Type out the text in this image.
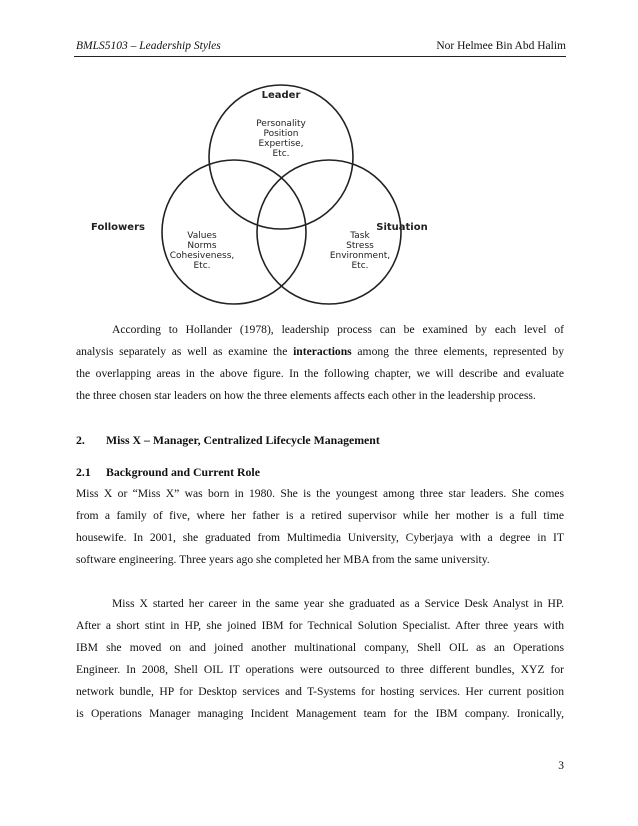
BMLS5103 – Leadership Styles	Nor Helmee Bin Abd Halim
Leader
Followers	Situation
Personality
Position
Expertise,
Etc.
Values
Norms
Cohesiveness,
Etc.
Task
Stress
Environment,
Etc.
According to Hollander (1978), leadership process can be examined by each level of
analysis separately as well as examine the interactions among the three elements, represented by
the overlapping areas in the above figure. In the following chapter, we will describe and evaluate
the three chosen star leaders on how the three elements affects each other in the leadership process.
2. Miss X – Manager, Centralized Lifecycle Management
2.1 Background and Current Role
Miss X or “Miss X” was born in 1980. She is the youngest among three star leaders. She comes
from a family of five, where her father is a retired supervisor while her mother is a full time
housewife. In 2001, she graduated from Multimedia University, Cyberjaya with a degree in IT
software engineering. Three years ago she completed her MBA from the same university.
Miss X started her career in the same year she graduated as a Service Desk Analyst in HP.
After a short stint in HP, she joined IBM for Technical Solution Specialist. After three years with
IBM she moved on and joined another multinational company, Shell OIL as an Operations
Engineer. In 2008, Shell OIL IT operations were outsourced to three different bundles, XYZ for
network bundle, HP for Desktop services and T-Systems for hosting services. Her current position
is Operations Manager managing Incident Management team for the IBM company. Ironically,
3
